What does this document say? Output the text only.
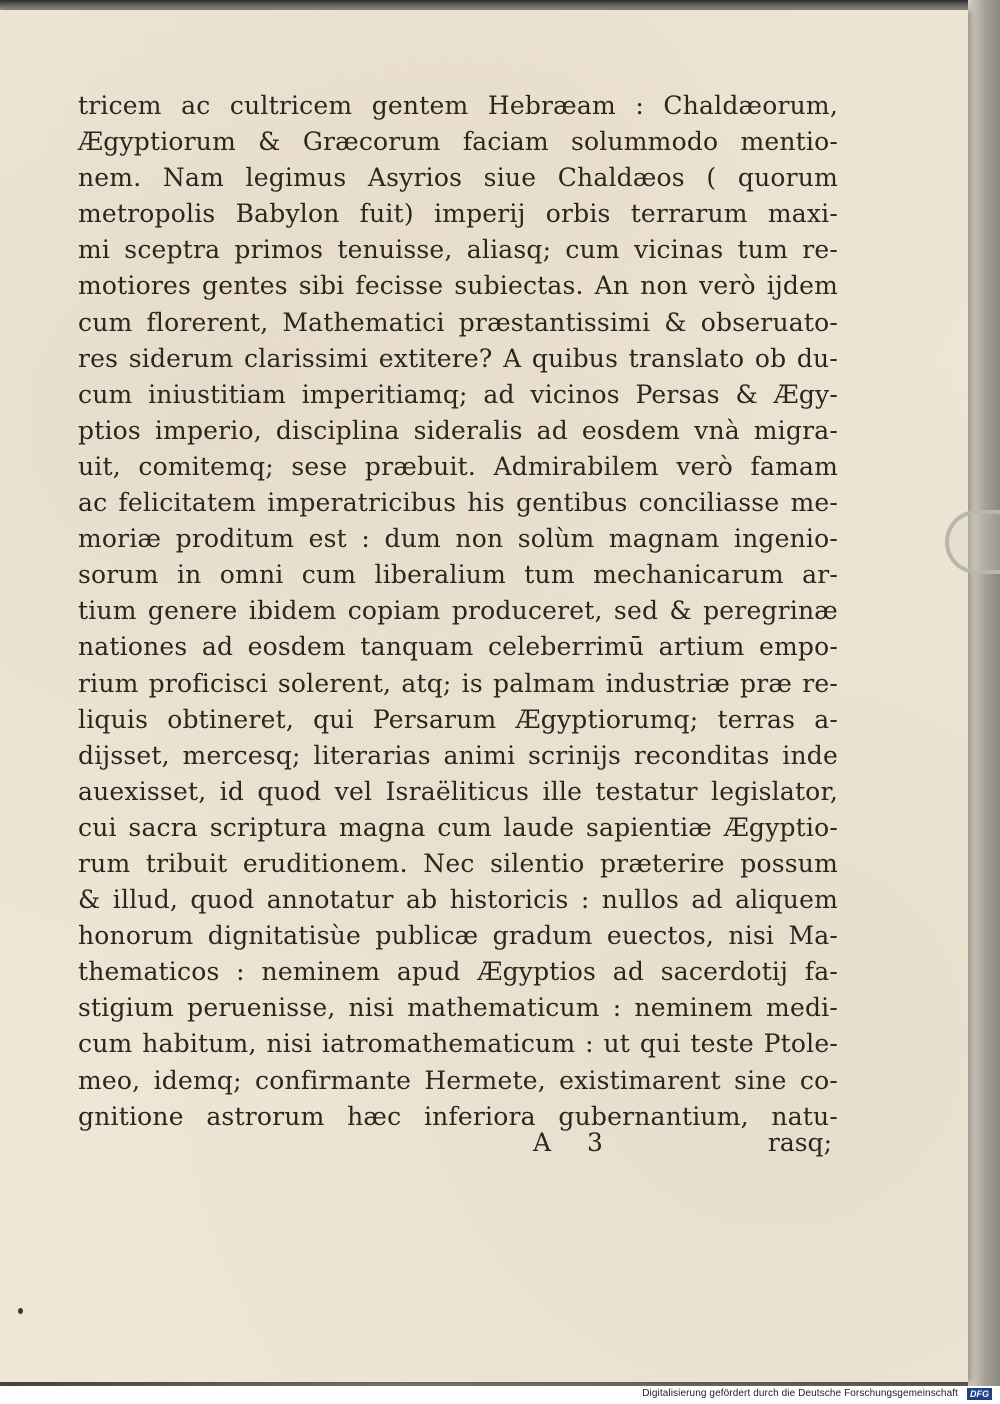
tricem ac cultricem gentem Hebræam : Chaldæorum,
Ægyptiorum & Græcorum faciam solummodo mentio-
nem. Nam legimus Asyrios siue Chaldæos ( quorum
metropolis Babylon fuit) imperij orbis terrarum maxi-
mi sceptra primos tenuisse, aliasq; cum vicinas tum re-
motiores gentes sibi fecisse subiectas. An non verò ijdem
cum florerent, Mathematici præstantissimi & obseruato-
res siderum clarissimi extitere? A quibus translato ob du-
cum iniustitiam imperitiamq; ad vicinos Persas & Ægy-
ptios imperio, disciplina sideralis ad eosdem vnà migra-
uit, comitemq; sese præbuit. Admirabilem verò famam
ac felicitatem imperatricibus his gentibus conciliasse me-
moriæ proditum est : dum non solùm magnam ingenio-
sorum in omni cum liberalium tum mechanicarum ar-
tium genere ibidem copiam produceret, sed & peregrinæ
nationes ad eosdem tanquam celeberrimū artium empo-
rium proficisci solerent, atq; is palmam industriæ præ re-
liquis obtineret, qui Persarum Ægyptiorumq; terras a-
dijsset, mercesq; literarias animi scrinijs reconditas inde
auexisset, id quod vel Israëliticus ille testatur legislator,
cui sacra scriptura magna cum laude sapientiæ Ægyptio-
rum tribuit eruditionem. Nec silentio præterire possum
& illud, quod annotatur ab historicis : nullos ad aliquem
honorum dignitatisùe publicæ gradum euectos, nisi Ma-
thematicos : neminem apud Ægyptios ad sacerdotij fa-
stigium peruenisse, nisi mathematicum : neminem medi-
cum habitum, nisi iatromathematicum : ut qui teste Ptole-
meo, idemq; confirmante Hermete, existimarent sine co-
gnitione astrorum hæc inferiora gubernantium, natu-
A 3	rasq;
Digitalisierung gefördert durch die Deutsche Forschungsgemeinschaft	DFG
